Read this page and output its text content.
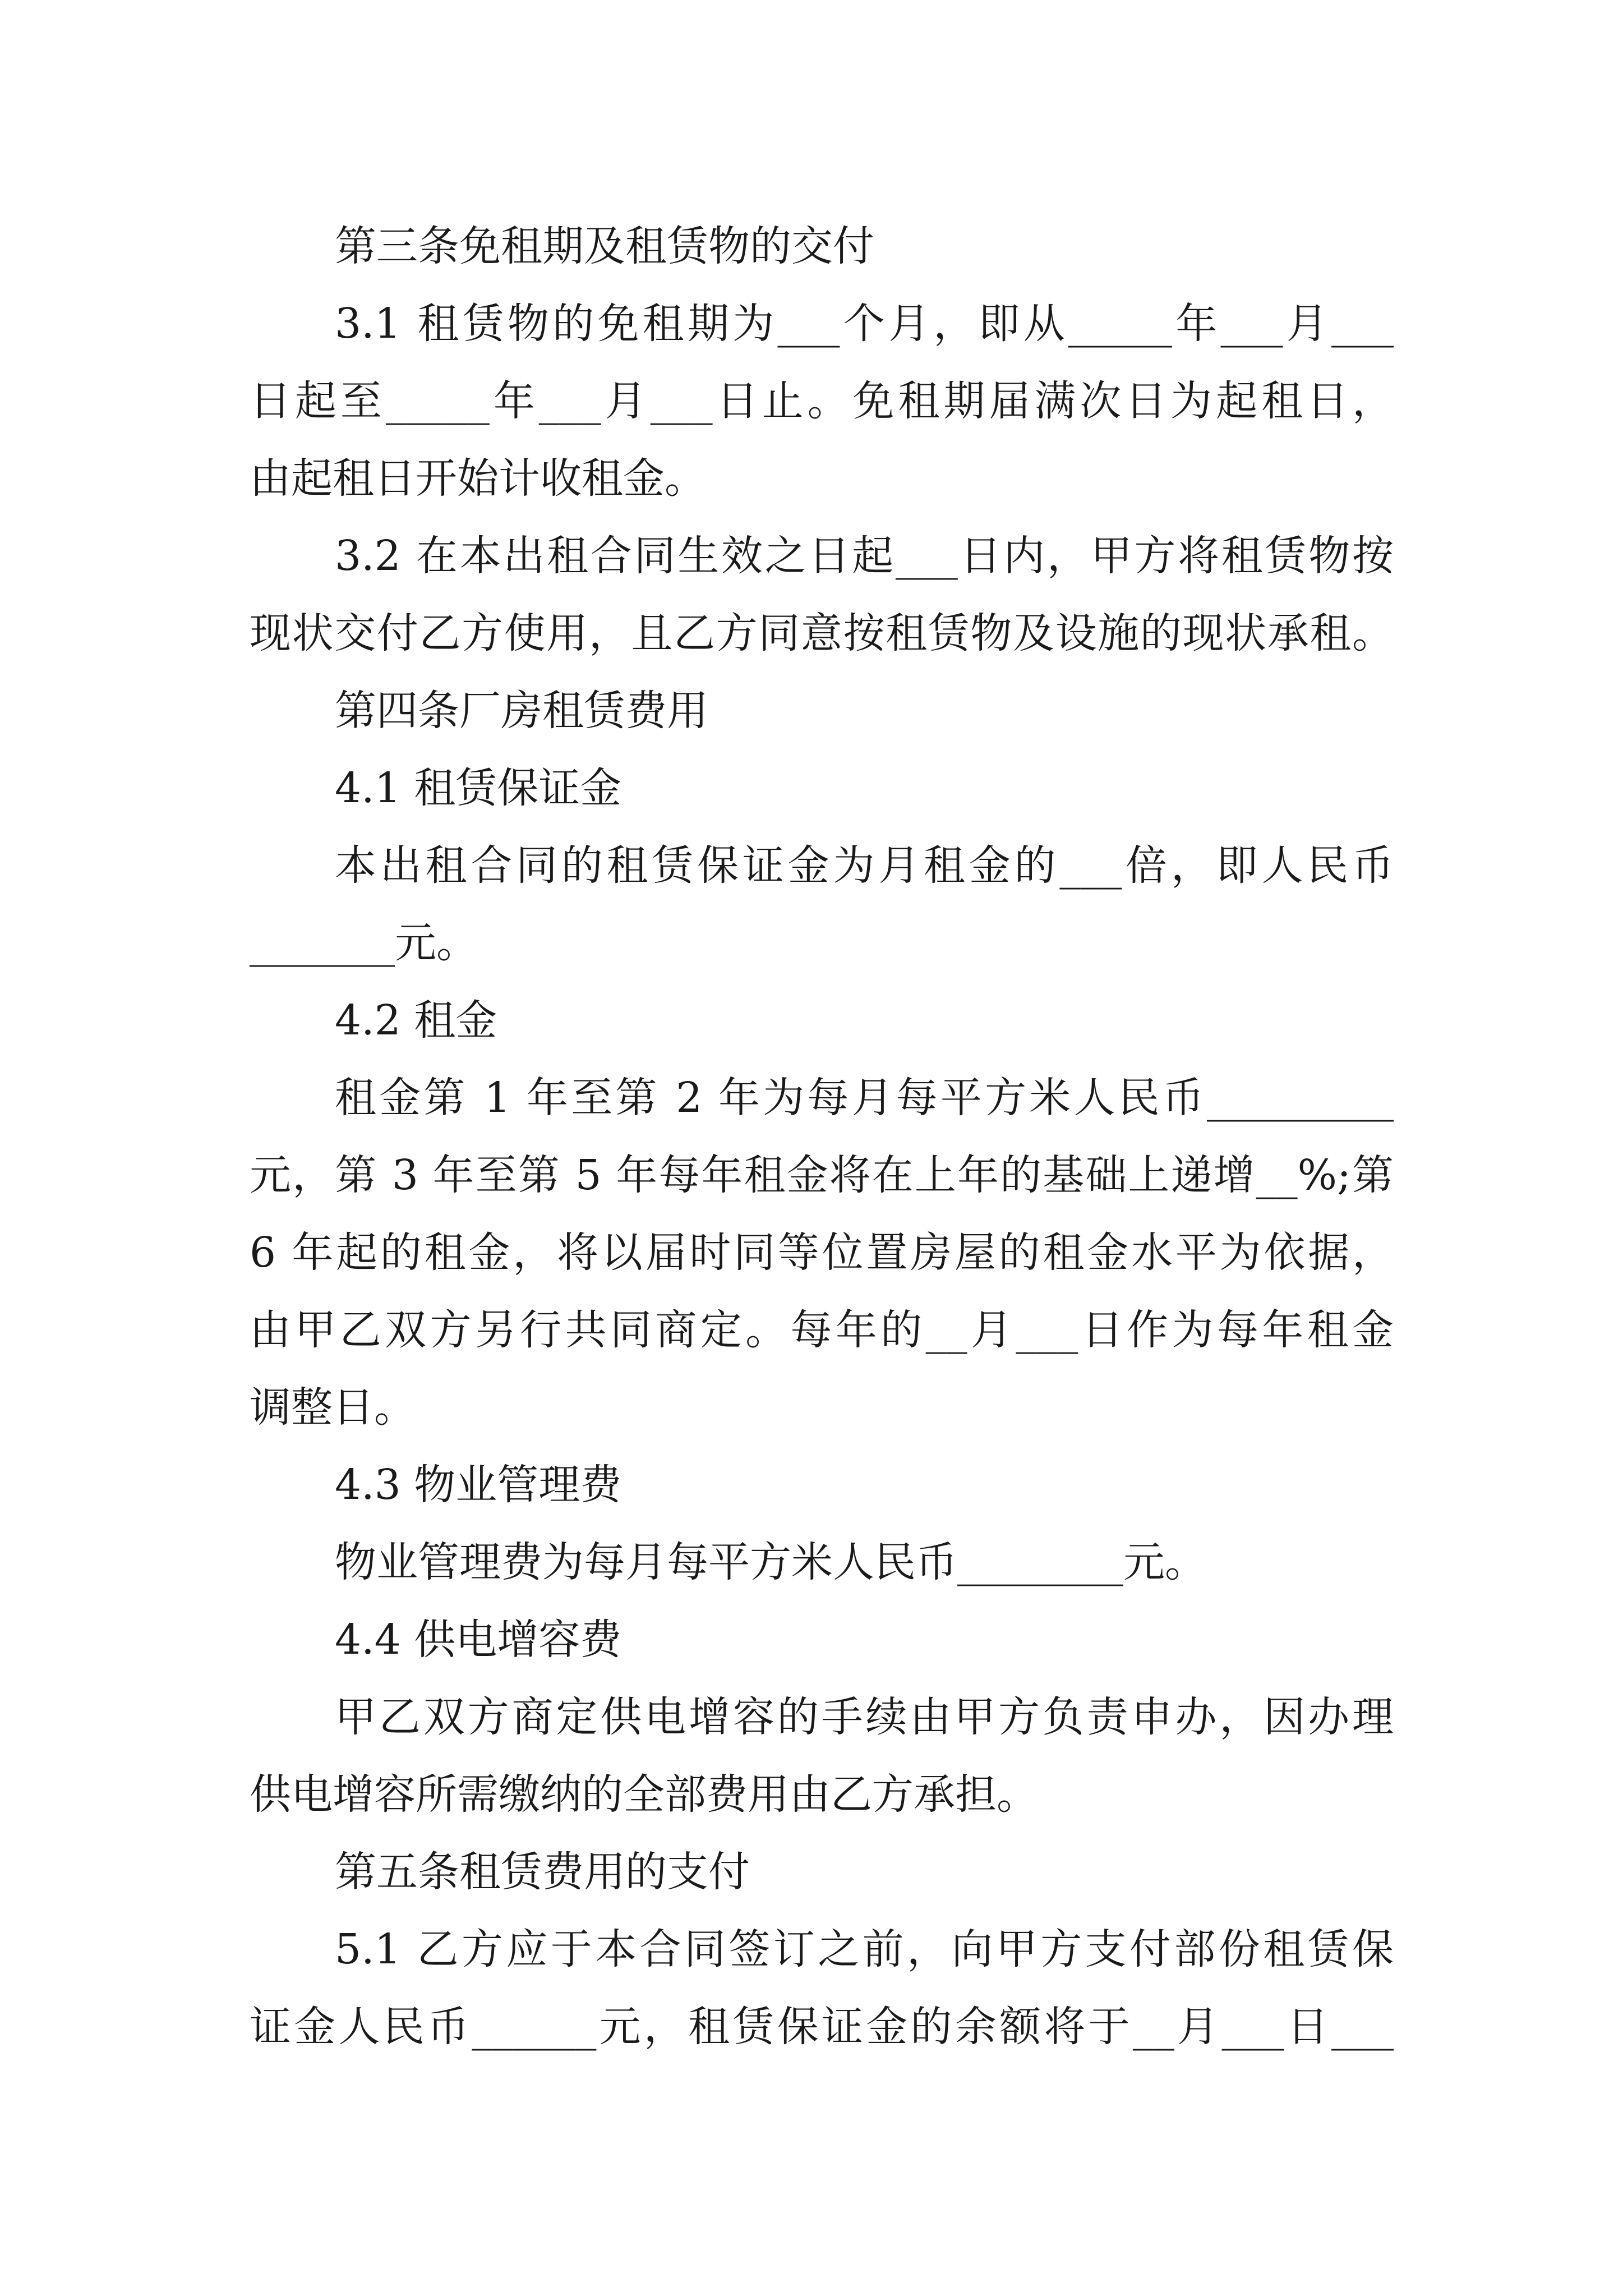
第三条免租期及租赁物的交付
3.1 租赁物的免租期为___个月，即从_____年___月___
日起至_____年___月___日止。免租期届满次日为起租日，
由起租日开始计收租金。
3.2 在本出租合同生效之日起___日内，甲方将租赁物按
现状交付乙方使用，且乙方同意按租赁物及设施的现状承租。
第四条厂房租赁费用
4.1 租赁保证金
本出租合同的租赁保证金为月租金的___倍，即人民币
_______元。
4.2 租金
租金第 1 年至第 2 年为每月每平方米人民币_________
元，第 3 年至第 5 年每年租金将在上年的基础上递增__%;第
6 年起的租金，将以届时同等位置房屋的租金水平为依据，
由甲乙双方另行共同商定。每年的__月___日作为每年租金
调整日。
4.3 物业管理费
物业管理费为每月每平方米人民币________元。
4.4 供电增容费
甲乙双方商定供电增容的手续由甲方负责申办，因办理
供电增容所需缴纳的全部费用由乙方承担。
第五条租赁费用的支付
5.1 乙方应于本合同签订之前，向甲方支付部份租赁保
证金人民币______元，租赁保证金的余额将于__月___日___
